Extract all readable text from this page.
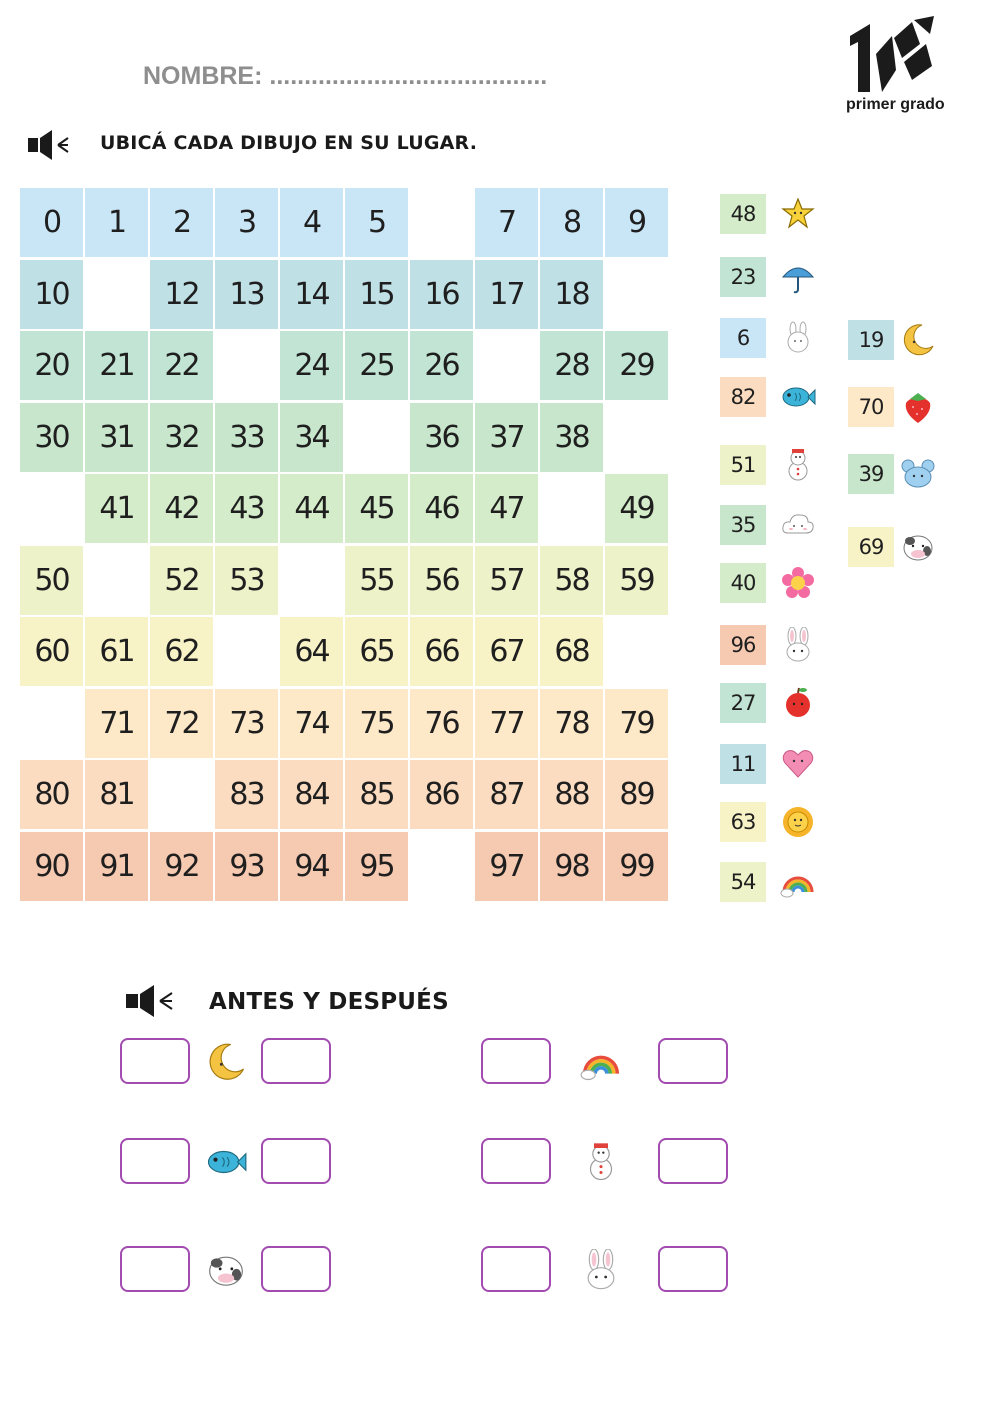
NOMBRE: ........................................
primer grado
UBICÁ CADA DIBUJO EN SU LUGAR.
0	1	2	3	4	5	7	8	9
10	12	13	14	15	16	17	18
20	21	22	24	25	26	28	29
30	31	32	33	34	36	37	38
41	42	43	44	45	46	47	49
50	52	53	55	56	57	58	59
60	61	62	64	65	66	67	68
71	72	73	74	75	76	77	78	79
80	81	83	84	85	86	87	88	89
90	91	92	93	94	95	97	98	99
48
23
6
82
51
35
40
96
27
11
63
54
19
70
39
69
ANTES Y DESPUÉS
